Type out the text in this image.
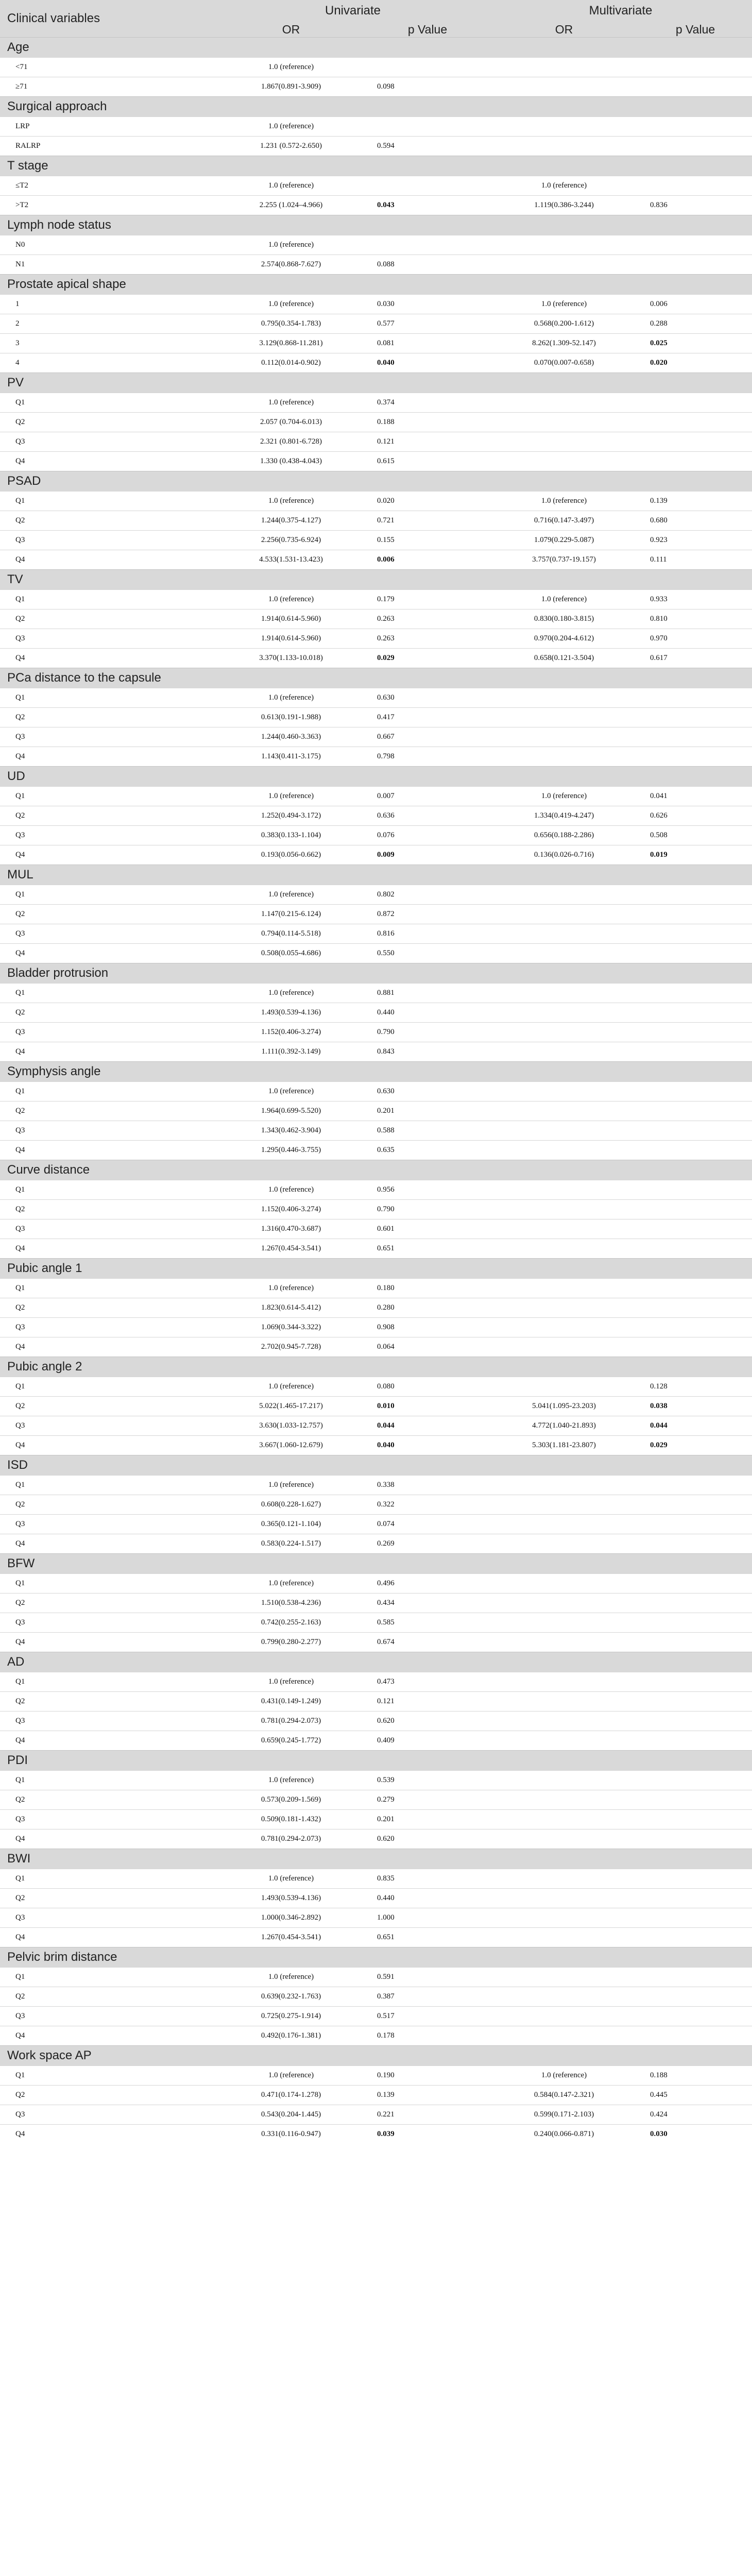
Clinical variables	Univariate		Multivariate	
	OR	p Value	OR	p Value
Age				
<71	1.0 (reference)			
≥71	1.867(0.891-3.909)	0.098		
Surgical approach				
LRP	1.0 (reference)			
RALRP	1.231 (0.572-2.650)	0.594		
T stage				
≤T2	1.0 (reference)		1.0 (reference)	
>T2	2.255 (1.024–4.966)	0.043	1.119(0.386-3.244)	0.836
Lymph node status				
N0	1.0 (reference)			
N1	2.574(0.868-7.627)	0.088		
Prostate apical shape				
1	1.0 (reference)	0.030	1.0 (reference)	0.006
2	0.795(0.354-1.783)	0.577	0.568(0.200-1.612)	0.288
3	3.129(0.868-11.281)	0.081	8.262(1.309-52.147)	0.025
4	0.112(0.014-0.902)	0.040	0.070(0.007-0.658)	0.020
PV				
Q1	1.0 (reference)	0.374		
Q2	2.057 (0.704-6.013)	0.188		
Q3	2.321 (0.801-6.728)	0.121		
Q4	1.330 (0.438-4.043)	0.615		
PSAD				
Q1	1.0 (reference)	0.020	1.0 (reference)	0.139
Q2	1.244(0.375-4.127)	0.721	0.716(0.147-3.497)	0.680
Q3	2.256(0.735-6.924)	0.155	1.079(0.229-5.087)	0.923
Q4	4.533(1.531-13.423)	0.006	3.757(0.737-19.157)	0.111
TV				
Q1	1.0 (reference)	0.179	1.0 (reference)	0.933
Q2	1.914(0.614-5.960)	0.263	0.830(0.180-3.815)	0.810
Q3	1.914(0.614-5.960)	0.263	0.970(0.204-4.612)	0.970
Q4	3.370(1.133-10.018)	0.029	0.658(0.121-3.504)	0.617
PCa distance to the capsule				
Q1	1.0 (reference)	0.630		
Q2	0.613(0.191-1.988)	0.417		
Q3	1.244(0.460-3.363)	0.667		
Q4	1.143(0.411-3.175)	0.798		
UD				
Q1	1.0 (reference)	0.007	1.0 (reference)	0.041
Q2	1.252(0.494-3.172)	0.636	1.334(0.419-4.247)	0.626
Q3	0.383(0.133-1.104)	0.076	0.656(0.188-2.286)	0.508
Q4	0.193(0.056-0.662)	0.009	0.136(0.026-0.716)	0.019
MUL				
Q1	1.0 (reference)	0.802		
Q2	1.147(0.215-6.124)	0.872		
Q3	0.794(0.114-5.518)	0.816		
Q4	0.508(0.055-4.686)	0.550		
Bladder protrusion				
Q1	1.0 (reference)	0.881		
Q2	1.493(0.539-4.136)	0.440		
Q3	1.152(0.406-3.274)	0.790		
Q4	1.111(0.392-3.149)	0.843		
Symphysis angle				
Q1	1.0 (reference)	0.630		
Q2	1.964(0.699-5.520)	0.201		
Q3	1.343(0.462-3.904)	0.588		
Q4	1.295(0.446-3.755)	0.635		
Curve distance				
Q1	1.0 (reference)	0.956		
Q2	1.152(0.406-3.274)	0.790		
Q3	1.316(0.470-3.687)	0.601		
Q4	1.267(0.454-3.541)	0.651		
Pubic angle 1				
Q1	1.0 (reference)	0.180		
Q2	1.823(0.614-5.412)	0.280		
Q3	1.069(0.344-3.322)	0.908		
Q4	2.702(0.945-7.728)	0.064		
Pubic angle 2				
Q1	1.0 (reference)	0.080		0.128
Q2	5.022(1.465-17.217)	0.010	5.041(1.095-23.203)	0.038
Q3	3.630(1.033-12.757)	0.044	4.772(1.040-21.893)	0.044
Q4	3.667(1.060-12.679)	0.040	5.303(1.181-23.807)	0.029
ISD				
Q1	1.0 (reference)	0.338		
Q2	0.608(0.228-1.627)	0.322		
Q3	0.365(0.121-1.104)	0.074		
Q4	0.583(0.224-1.517)	0.269		
BFW				
Q1	1.0 (reference)	0.496		
Q2	1.510(0.538-4.236)	0.434		
Q3	0.742(0.255-2.163)	0.585		
Q4	0.799(0.280-2.277)	0.674		
AD				
Q1	1.0 (reference)	0.473		
Q2	0.431(0.149-1.249)	0.121		
Q3	0.781(0.294-2.073)	0.620		
Q4	0.659(0.245-1.772)	0.409		
PDI				
Q1	1.0 (reference)	0.539		
Q2	0.573(0.209-1.569)	0.279		
Q3	0.509(0.181-1.432)	0.201		
Q4	0.781(0.294-2.073)	0.620		
BWI				
Q1	1.0 (reference)	0.835		
Q2	1.493(0.539-4.136)	0.440		
Q3	1.000(0.346-2.892)	1.000		
Q4	1.267(0.454-3.541)	0.651		
Pelvic brim distance				
Q1	1.0 (reference)	0.591		
Q2	0.639(0.232-1.763)	0.387		
Q3	0.725(0.275-1.914)	0.517		
Q4	0.492(0.176-1.381)	0.178		
Work space AP				
Q1	1.0 (reference)	0.190	1.0 (reference)	0.188
Q2	0.471(0.174-1.278)	0.139	0.584(0.147-2.321)	0.445
Q3	0.543(0.204-1.445)	0.221	0.599(0.171-2.103)	0.424
Q4	0.331(0.116-0.947)	0.039	0.240(0.066-0.871)	0.030
